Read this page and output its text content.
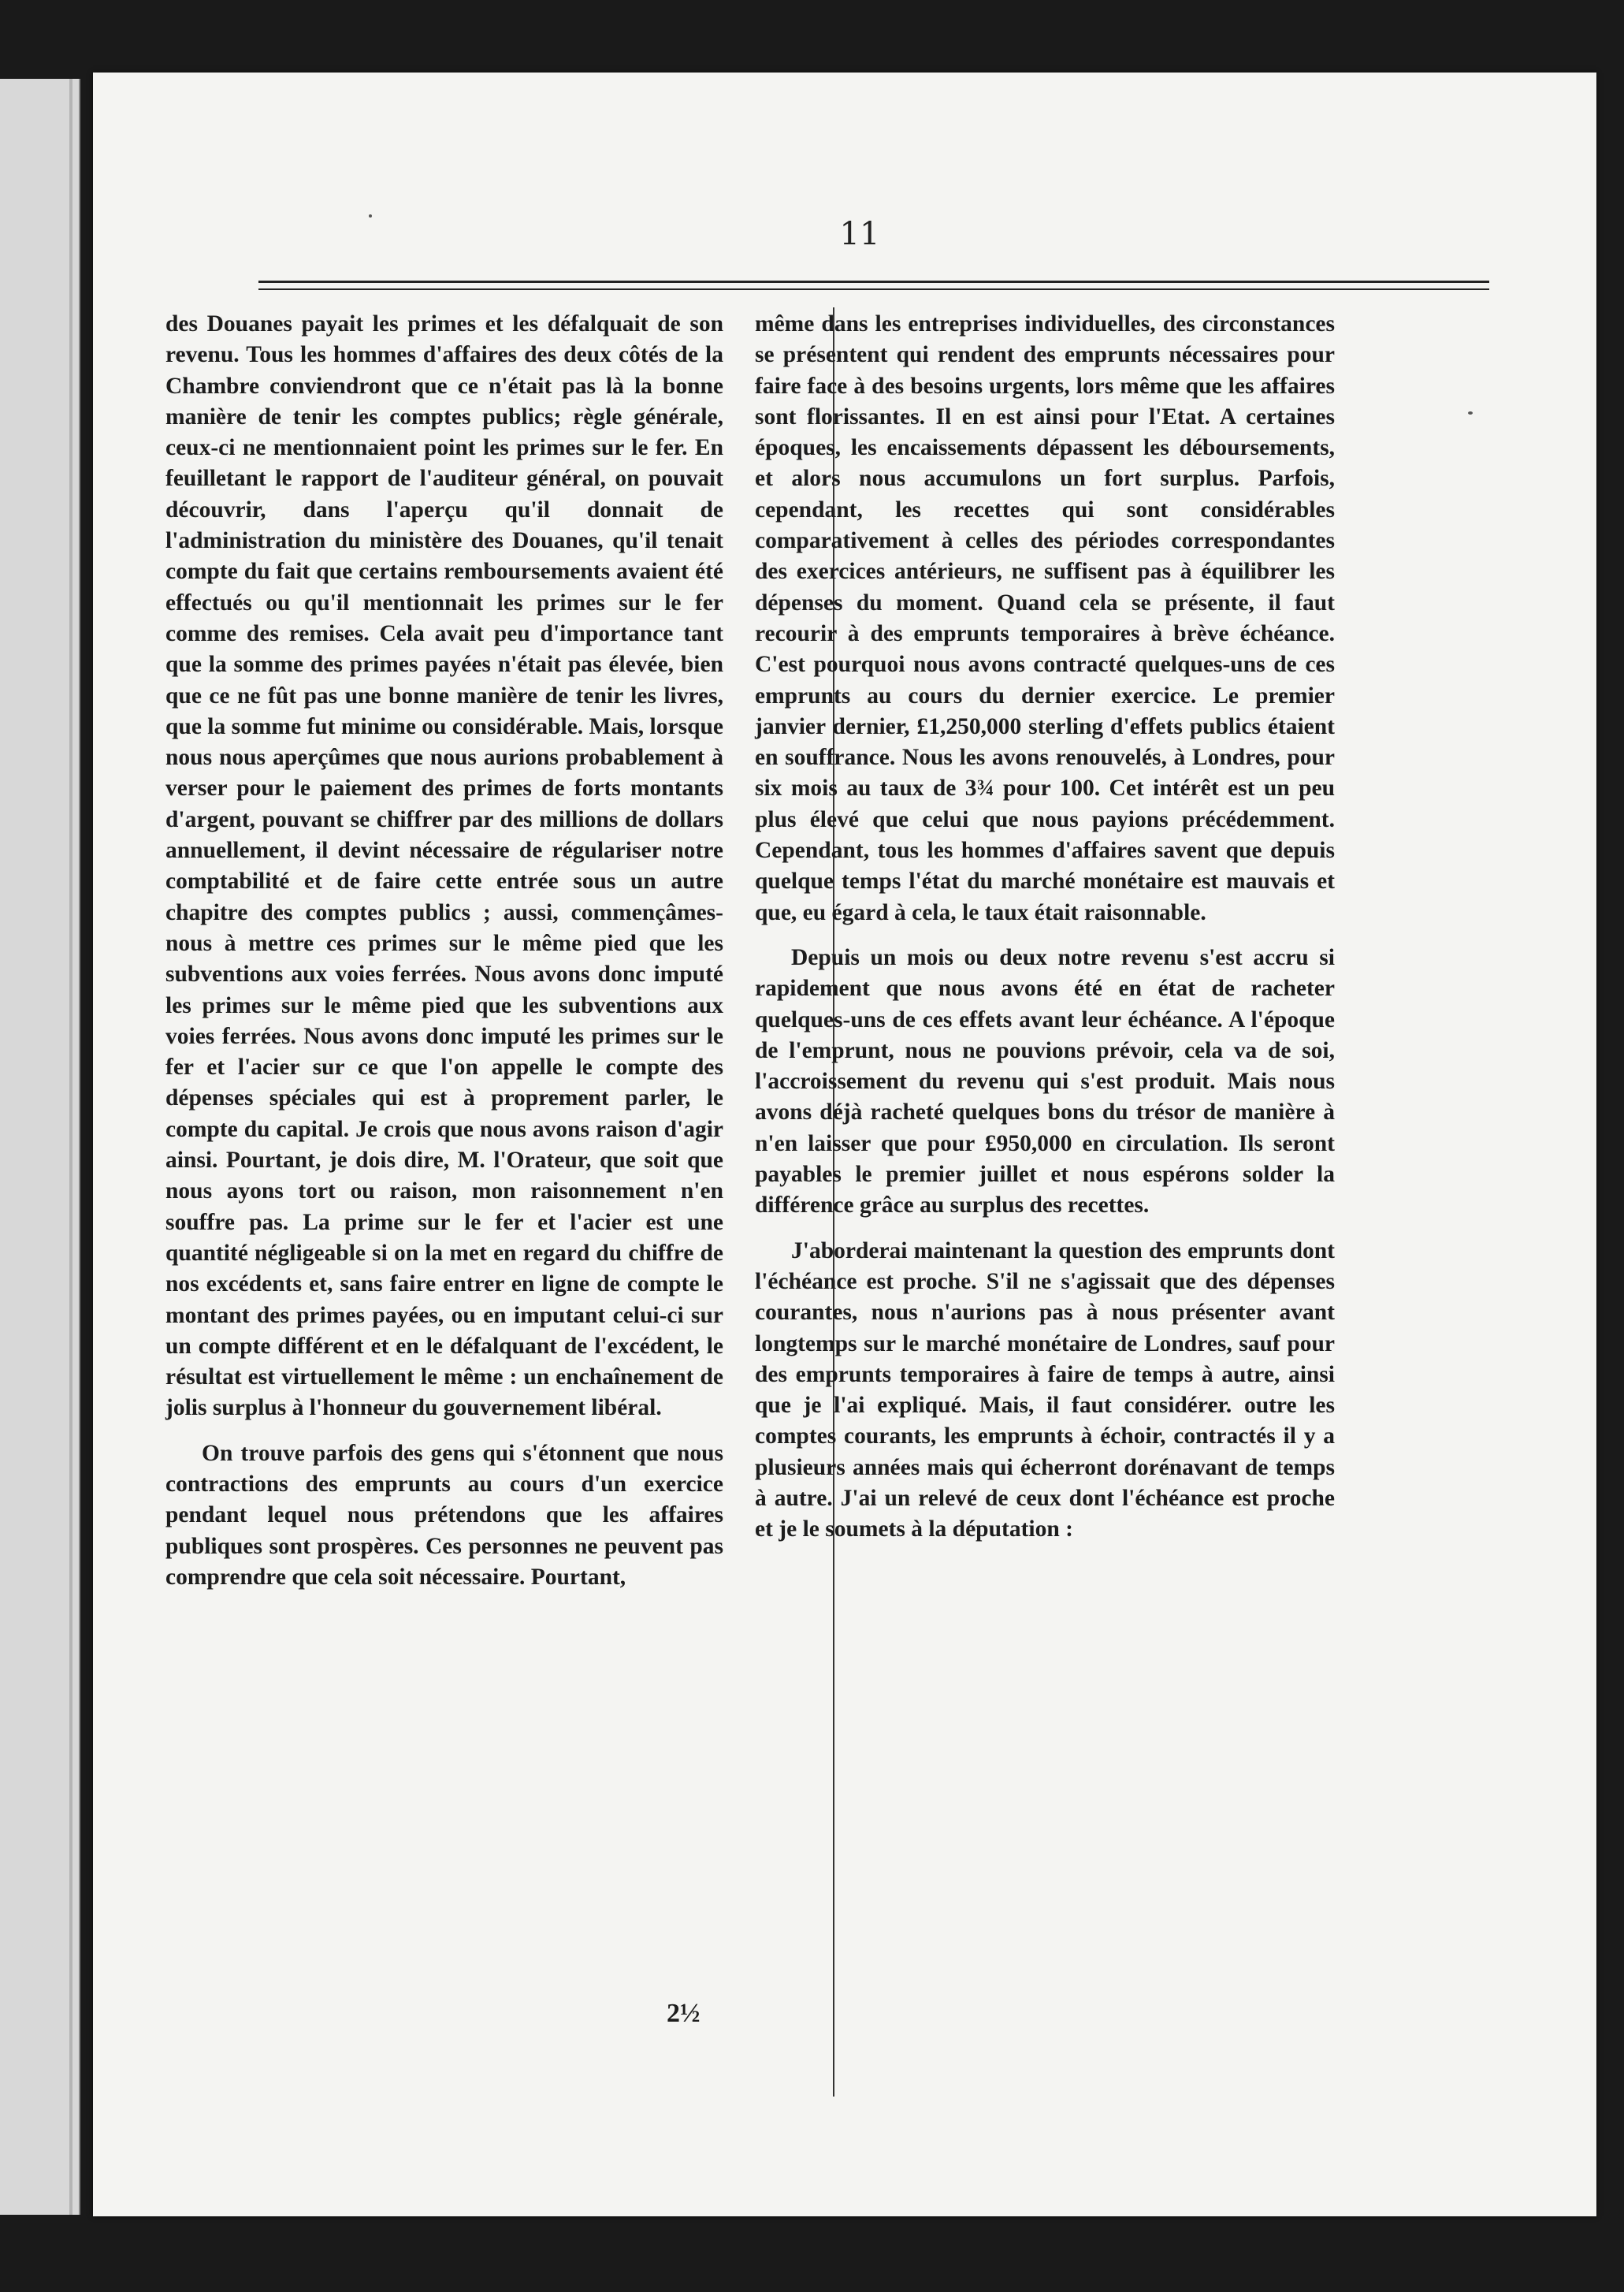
11

des Douanes payait les primes et les défalquait de son revenu. Tous les hommes d'affaires des deux côtés de la Chambre conviendront que ce n'était pas là la bonne manière de tenir les comptes publics; règle générale, ceux-ci ne mentionnaient point les primes sur le fer. En feuilletant le rapport de l'auditeur général, on pouvait découvrir, dans l'aperçu qu'il donnait de l'administration du ministère des Douanes, qu'il tenait compte du fait que certains remboursements avaient été effectués ou qu'il mentionnait les primes sur le fer comme des remises. Cela avait peu d'importance tant que la somme des primes payées n'était pas élevée, bien que ce ne fût pas une bonne manière de tenir les livres, que la somme fut minime ou considérable. Mais, lorsque nous nous aperçûmes que nous aurions probablement à verser pour le paiement des primes de forts montants d'argent, pouvant se chiffrer par des millions de dollars annuellement, il devint nécessaire de régulariser notre comptabilité et de faire cette entrée sous un autre chapitre des comptes publics ; aussi, commençâmes-nous à mettre ces primes sur le même pied que les subventions aux voies ferrées. Nous avons donc imputé les primes sur le même pied que les subventions aux voies ferrées. Nous avons donc imputé les primes sur le fer et l'acier sur ce que l'on appelle le compte des dépenses spéciales qui est à proprement parler, le compte du capital. Je crois que nous avons raison d'agir ainsi. Pourtant, je dois dire, M. l'Orateur, que soit que nous ayons tort ou raison, mon raisonnement n'en souffre pas. La prime sur le fer et l'acier est une quantité négligeable si on la met en regard du chiffre de nos excédents et, sans faire entrer en ligne de compte le montant des primes payées, ou en imputant celui-ci sur un compte différent et en le défalquant de l'excédent, le résultat est virtuellement le même : un enchaînement de jolis surplus à l'honneur du gouvernement libéral.

On trouve parfois des gens qui s'étonnent que nous contractions des emprunts au cours d'un exercice pendant lequel nous prétendons que les affaires publiques sont prospères. Ces personnes ne peuvent pas comprendre que cela soit nécessaire. Pourtant,

même dans les entreprises individuelles, des circonstances se présentent qui rendent des emprunts nécessaires pour faire face à des besoins urgents, lors même que les affaires sont florissantes. Il en est ainsi pour l'Etat. A certaines époques, les encaissements dépassent les déboursements, et alors nous accumulons un fort surplus. Parfois, cependant, les recettes qui sont considérables comparativement à celles des périodes correspondantes des exercices antérieurs, ne suffisent pas à équilibrer les dépenses du moment. Quand cela se présente, il faut recourir à des emprunts temporaires à brève échéance. C'est pourquoi nous avons contracté quelques-uns de ces emprunts au cours du dernier exercice. Le premier janvier dernier, £1,250,000 sterling d'effets publics étaient en souffrance. Nous les avons renouvelés, à Londres, pour six mois au taux de 3¾ pour 100. Cet intérêt est un peu plus élevé que celui que nous payions précédemment. Cependant, tous les hommes d'affaires savent que depuis quelque temps l'état du marché monétaire est mauvais et que, eu égard à cela, le taux était raisonnable.

Depuis un mois ou deux notre revenu s'est accru si rapidement que nous avons été en état de racheter quelques-uns de ces effets avant leur échéance. A l'époque de l'emprunt, nous ne pouvions prévoir, cela va de soi, l'accroissement du revenu qui s'est produit. Mais nous avons déjà racheté quelques bons du trésor de manière à n'en laisser que pour £950,000 en circulation. Ils seront payables le premier juillet et nous espérons solder la différence grâce au surplus des recettes.

J'aborderai maintenant la question des emprunts dont l'échéance est proche. S'il ne s'agissait que des dépenses courantes, nous n'aurions pas à nous présenter avant longtemps sur le marché monétaire de Londres, sauf pour des emprunts temporaires à faire de temps à autre, ainsi que je l'ai expliqué. Mais, il faut considérer. outre les comptes courants, les emprunts à échoir, contractés il y a plusieurs années mais qui écherront dorénavant de temps à autre. J'ai un relevé de ceux dont l'échéance est proche et je le soumets à la députation :

2½
